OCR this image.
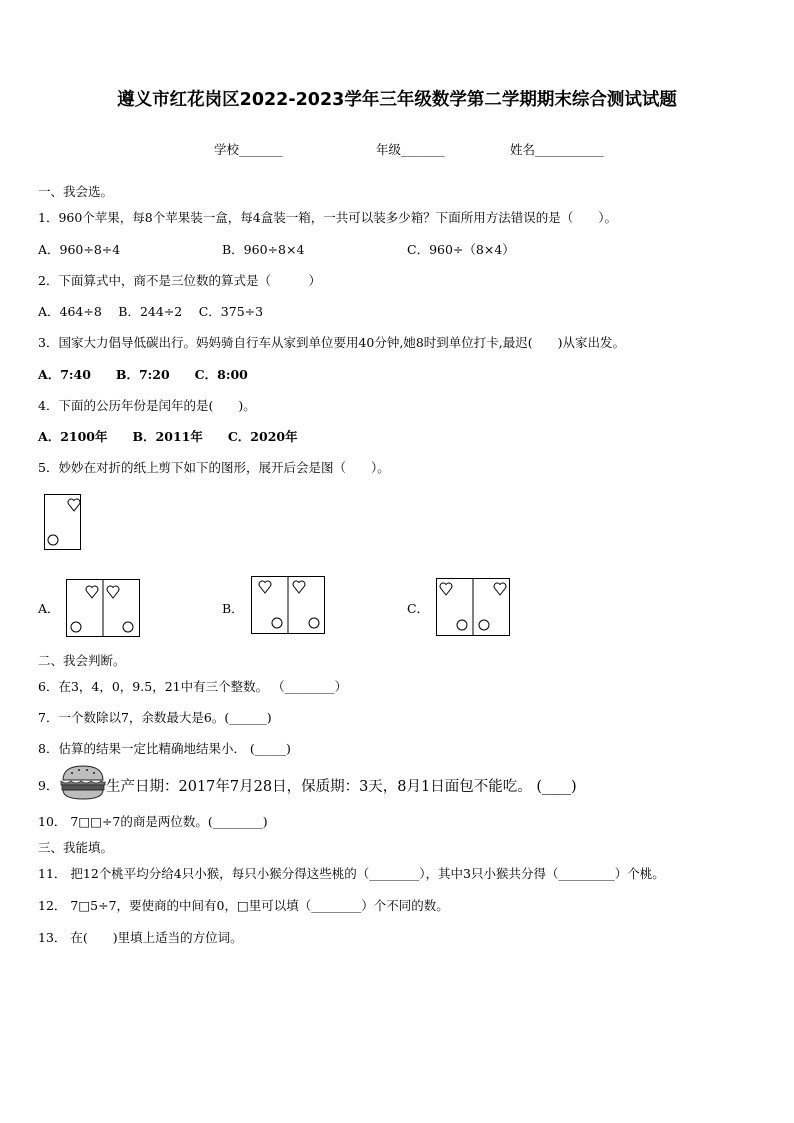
遵义市红花岗区2022-2023学年三年级数学第二学期期末综合测试试题
学校_______	年级_______	姓名___________
一、我会选。
1．960个苹果，每8个苹果装一盒，每4盒装一箱，一共可以装多少箱？下面所用方法错误的是（　　）。
A．960÷8÷4	B．960÷8×4	C．960÷（8×4）
2．下面算式中，商不是三位数的算式是（　　　）
A．464÷8　 B．244÷2　 C．375÷3
3．国家大力倡导低碳出行。妈妈骑自行车从家到单位要用40分钟,她8时到单位打卡,最迟(　　)从家出发。
A．7:40　　B．7:20　　C．8:00
4．下面的公历年份是闰年的是(　　)。
A．2100年　　B．2011年　　C．2020年
5．妙妙在对折的纸上剪下如下的图形，展开后会是图（　　）。
A．	B．	C．
二、我会判断。
6．在3，4，0，9.5，21中有三个整数。 （________）
7．一个数除以7，余数最大是6。(______)
8．估算的结果一定比精确地结果小． (_____)
9．	生产日期：2017年7月28日，保质期：3天，8月1日面包不能吃。 (____)
10． 7□□÷7的商是两位数。(________)
三、我能填。
11． 把12个桃平均分给4只小猴，每只小猴分得这些桃的（________），其中3只小猴共分得（_________）个桃。
12． 7□5÷7，要使商的中间有0，□里可以填（________）个不同的数。
13． 在(　　)里填上适当的方位词。
